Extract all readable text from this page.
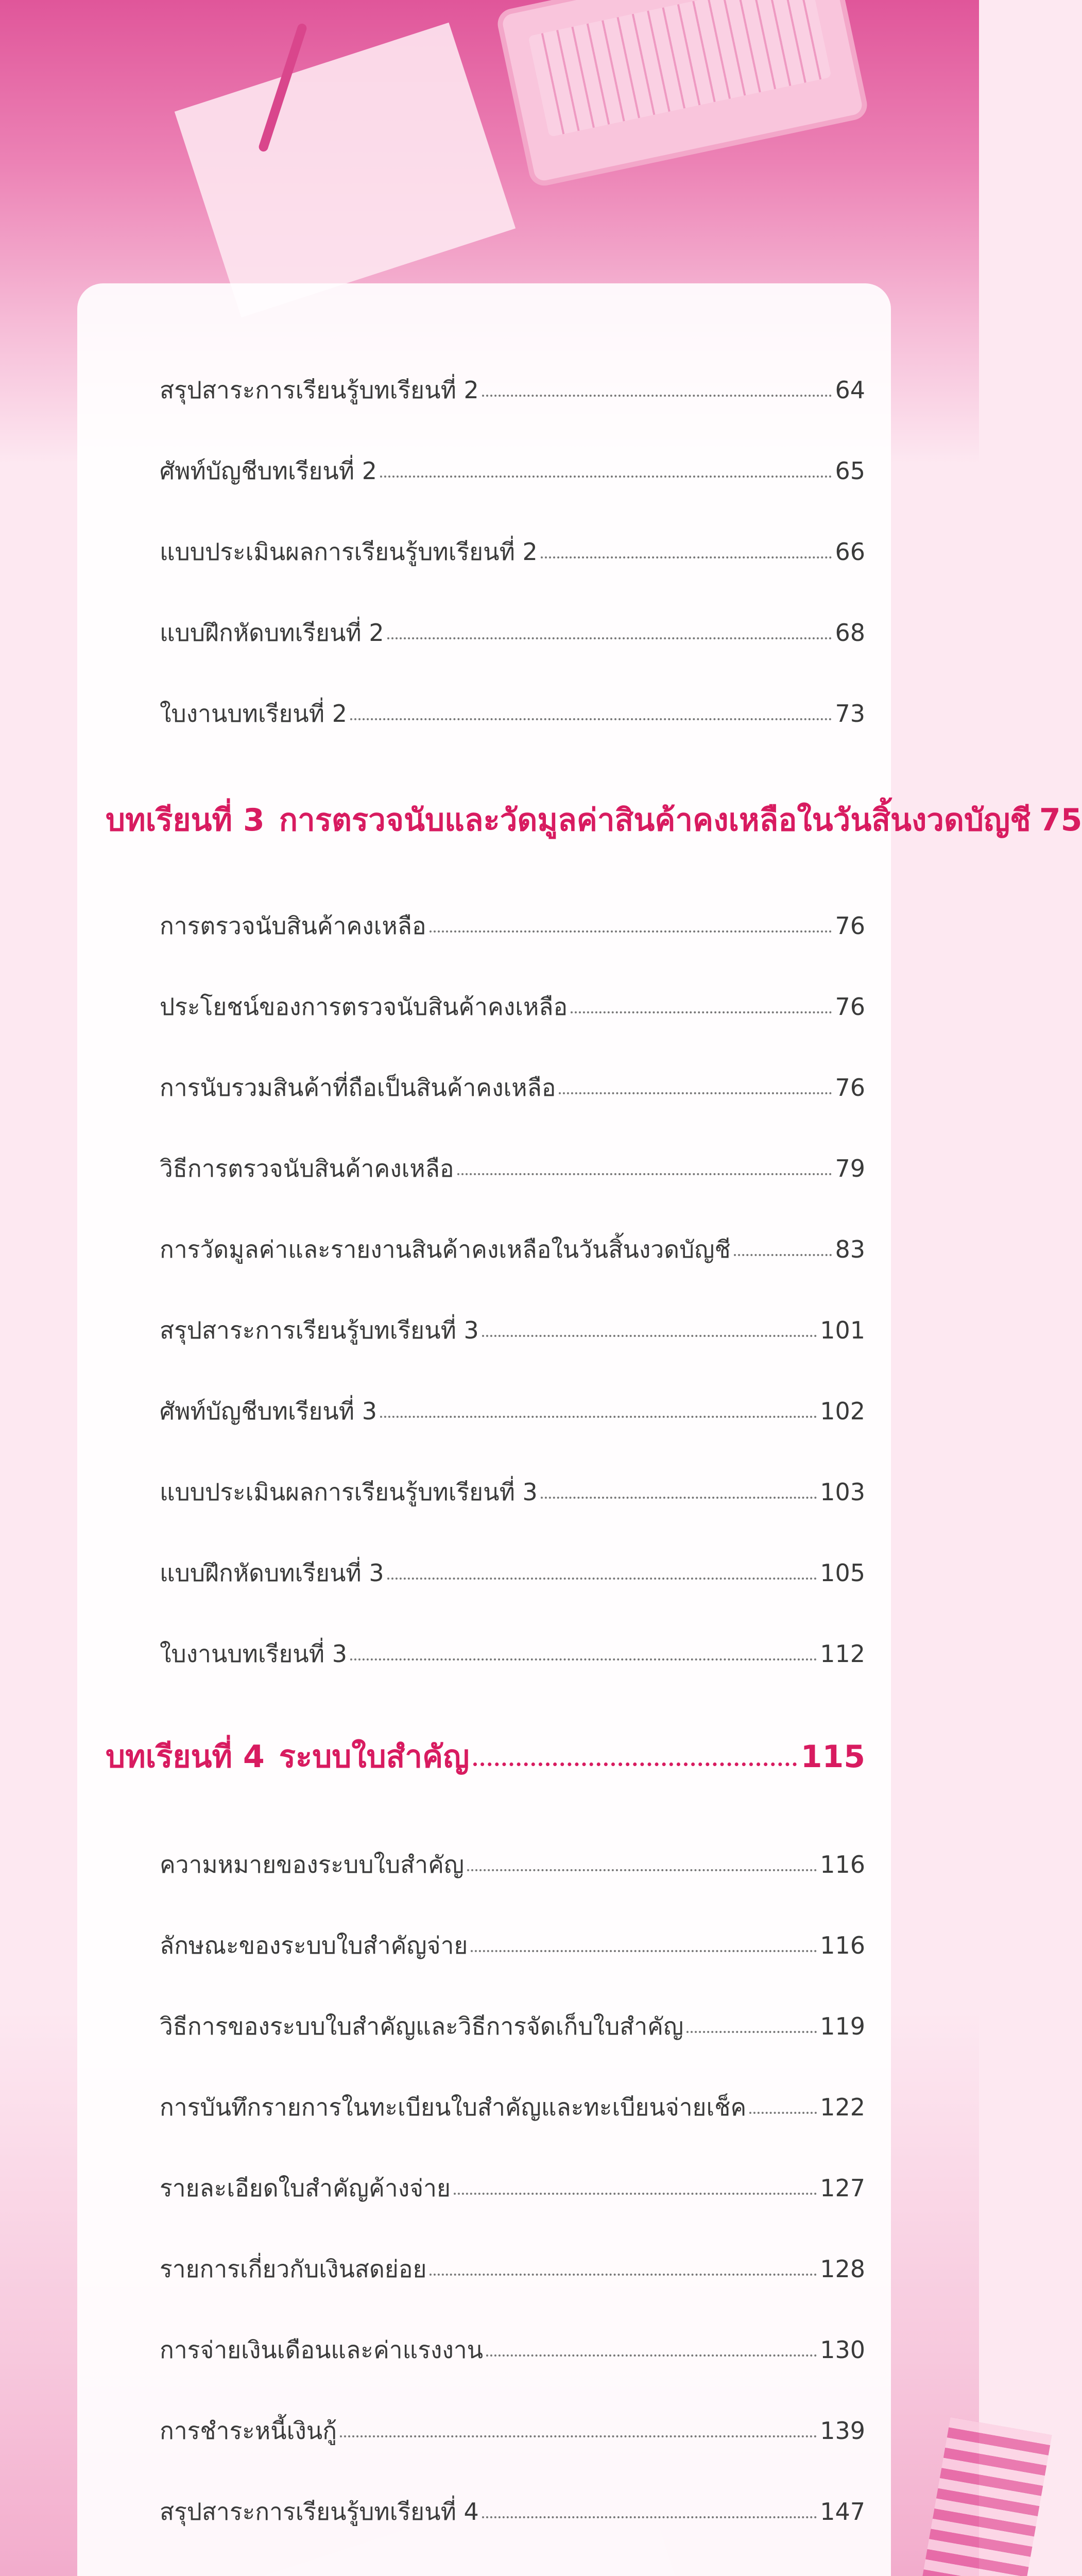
สรุปสาระการเรียนรู้บทเรียนที่ 2	64
ศัพท์บัญชีบทเรียนที่ 2	65
แบบประเมินผลการเรียนรู้บทเรียนที่ 2	66
แบบฝึกหัดบทเรียนที่ 2	68
ใบงานบทเรียนที่ 2	73
บทเรียนที่ 3 การตรวจนับและวัดมูลค่าสินค้าคงเหลือในวันสิ้นงวดบัญชี 75
การตรวจนับสินค้าคงเหลือ	76
ประโยชน์ของการตรวจนับสินค้าคงเหลือ	76
การนับรวมสินค้าที่ถือเป็นสินค้าคงเหลือ	76
วิธีการตรวจนับสินค้าคงเหลือ	79
การวัดมูลค่าและรายงานสินค้าคงเหลือในวันสิ้นงวดบัญชี	83
สรุปสาระการเรียนรู้บทเรียนที่ 3	101
ศัพท์บัญชีบทเรียนที่ 3	102
แบบประเมินผลการเรียนรู้บทเรียนที่ 3	103
แบบฝึกหัดบทเรียนที่ 3	105
ใบงานบทเรียนที่ 3	112
บทเรียนที่ 4 ระบบใบสำคัญ	115
ความหมายของระบบใบสำคัญ	116
ลักษณะของระบบใบสำคัญจ่าย	116
วิธีการของระบบใบสำคัญและวิธีการจัดเก็บใบสำคัญ	119
การบันทึกรายการในทะเบียนใบสำคัญและทะเบียนจ่ายเช็ค	122
รายละเอียดใบสำคัญค้างจ่าย	127
รายการเกี่ยวกับเงินสดย่อย	128
การจ่ายเงินเดือนและค่าแรงงาน	130
การชำระหนี้เงินกู้	139
สรุปสาระการเรียนรู้บทเรียนที่ 4	147
